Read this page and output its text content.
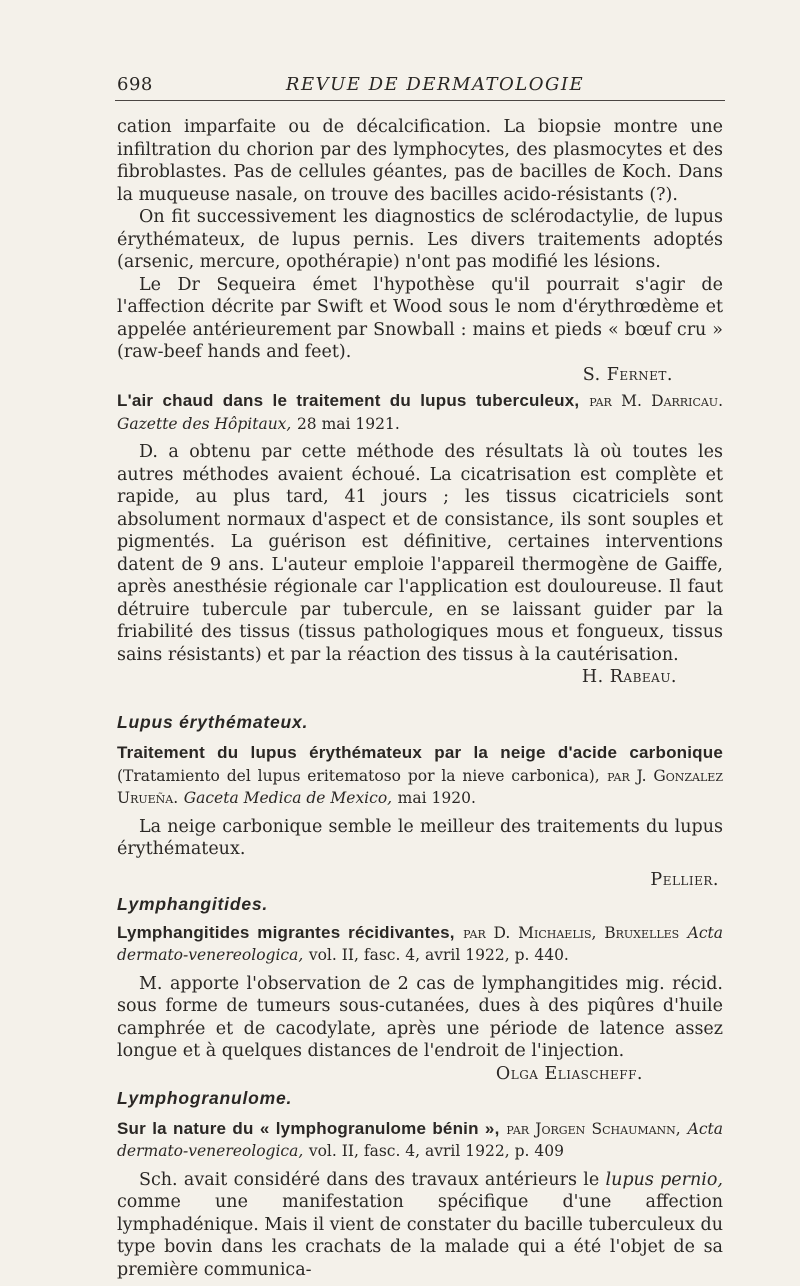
698	REVUE DE DERMATOLOGIE

cation imparfaite ou de décalcification. La biopsie montre une infiltration du chorion par des lymphocytes, des plasmocytes et des fibroblastes. Pas de cellules géantes, pas de bacilles de Koch. Dans la muqueuse nasale, on trouve des bacilles acido-résistants (?).

On fit successivement les diagnostics de sclérodactylie, de lupus érythémateux, de lupus pernis. Les divers traitements adoptés (arsenic, mercure, opothérapie) n'ont pas modifié les lésions.

Le Dr Sequeira émet l'hypothèse qu'il pourrait s'agir de l'affection décrite par Swift et Wood sous le nom d'érythrœdème et appelée antérieurement par Snowball : mains et pieds « bœuf cru » (raw-beef hands and feet).

S. Fernet.

L'air chaud dans le traitement du lupus tuberculeux, par M. Darricau. Gazette des Hôpitaux, 28 mai 1921.

D. a obtenu par cette méthode des résultats là où toutes les autres méthodes avaient échoué. La cicatrisation est complète et rapide, au plus tard, 41 jours ; les tissus cicatriciels sont absolument normaux d'aspect et de consistance, ils sont souples et pigmentés. La guérison est définitive, certaines interventions datent de 9 ans. L'auteur emploie l'appareil thermogène de Gaiffe, après anesthésie régionale car l'application est douloureuse. Il faut détruire tubercule par tubercule, en se laissant guider par la friabilité des tissus (tissus pathologiques mous et fongueux, tissus sains résistants) et par la réaction des tissus à la cautérisation.
H. Rabeau.

Lupus érythémateux.

Traitement du lupus érythémateux par la neige d'acide carbonique (Tratamiento del lupus eritematoso por la nieve carbonica), par J. Gonzalez Urueña. Gaceta Medica de Mexico, mai 1920.

La neige carbonique semble le meilleur des traitements du lupus érythémateux.

Pellier.

Lymphangitides.

Lymphangitides migrantes récidivantes, par D. Michaelis, Bruxelles Acta dermato-venereologica, vol. II, fasc. 4, avril 1922, p. 440.

M. apporte l'observation de 2 cas de lymphangitides mig. récid. sous forme de tumeurs sous-cutanées, dues à des piqûres d'huile camphrée et de cacodylate, après une période de latence assez longue et à quelques distances de l'endroit de l'injection.

Olga Eliascheff.

Lymphogranulome.

Sur la nature du « lymphogranulome bénin », par Jorgen Schaumann, Acta dermato-venereologica, vol. II, fasc. 4, avril 1922, p. 409

Sch. avait considéré dans des travaux antérieurs le lupus pernio, comme une manifestation spécifique d'une affection lymphadénique. Mais il vient de constater du bacille tuberculeux du type bovin dans les crachats de la malade qui a été l'objet de sa première communica-
